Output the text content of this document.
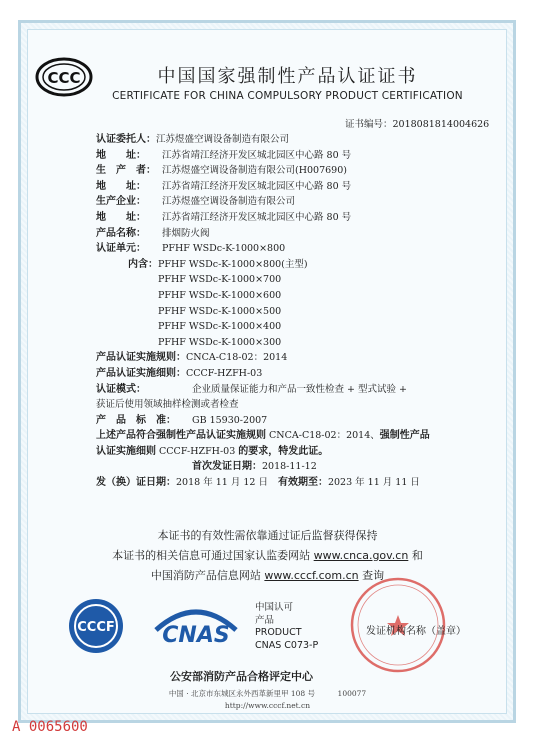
CCC	中国国家强制性产品认证证书
CERTIFICATE FOR CHINA COMPULSORY PRODUCT CERTIFICATION
证书编号：2018081814004626
认证委托人：江苏煜盛空调设备制造有限公司
地　　址： 江苏省靖江经济开发区城北园区中心路 80 号
生　产　者： 江苏煜盛空调设备制造有限公司(H007690)
地　　址： 江苏省靖江经济开发区城北园区中心路 80 号
生产企业： 江苏煜盛空调设备制造有限公司
地　　址： 江苏省靖江经济开发区城北园区中心路 80 号
产品名称： 排烟防火阀
认证单元： PFHF WSDc-K-1000×800
内含：PFHF WSDc-K-1000×800(主型)
PFHF WSDc-K-1000×700
PFHF WSDc-K-1000×600
PFHF WSDc-K-1000×500
PFHF WSDc-K-1000×400
PFHF WSDc-K-1000×300
产品认证实施规则：CNCA-C18-02：2014
产品认证实施细则：CCCF-HZFH-03
认证模式：	企业质量保证能力和产品一致性检查 + 型式试验 +
获证后使用领域抽样检测或者检查
产　品　标　准： GB 15930-2007
上述产品符合强制性产品认证实施规则 CNCA-C18-02：2014、强制性产品
认证实施细则 CCCF-HZFH-03 的要求，特发此证。
首次发证日期：2018-11-12
发（换）证日期：2018 年 11 月 12 日　 有效期至：2023 年 11 月 11 日
本证书的有效性需依靠通过证后监督获得保持
本证书的相关信息可通过国家认监委网站 www.cnca.gov.cn 和
中国消防产品信息网站 www.cccf.com.cn 查询
CCCF CNAS
中国认可
产品
PRODUCT
CNAS C073-P
发证机构名称（盖章）
公安部消防产品合格评定中心
中国 · 北京市东城区永外西革新里甲 108 号　　　100077
http://www.cccf.net.cn
A 0065600
